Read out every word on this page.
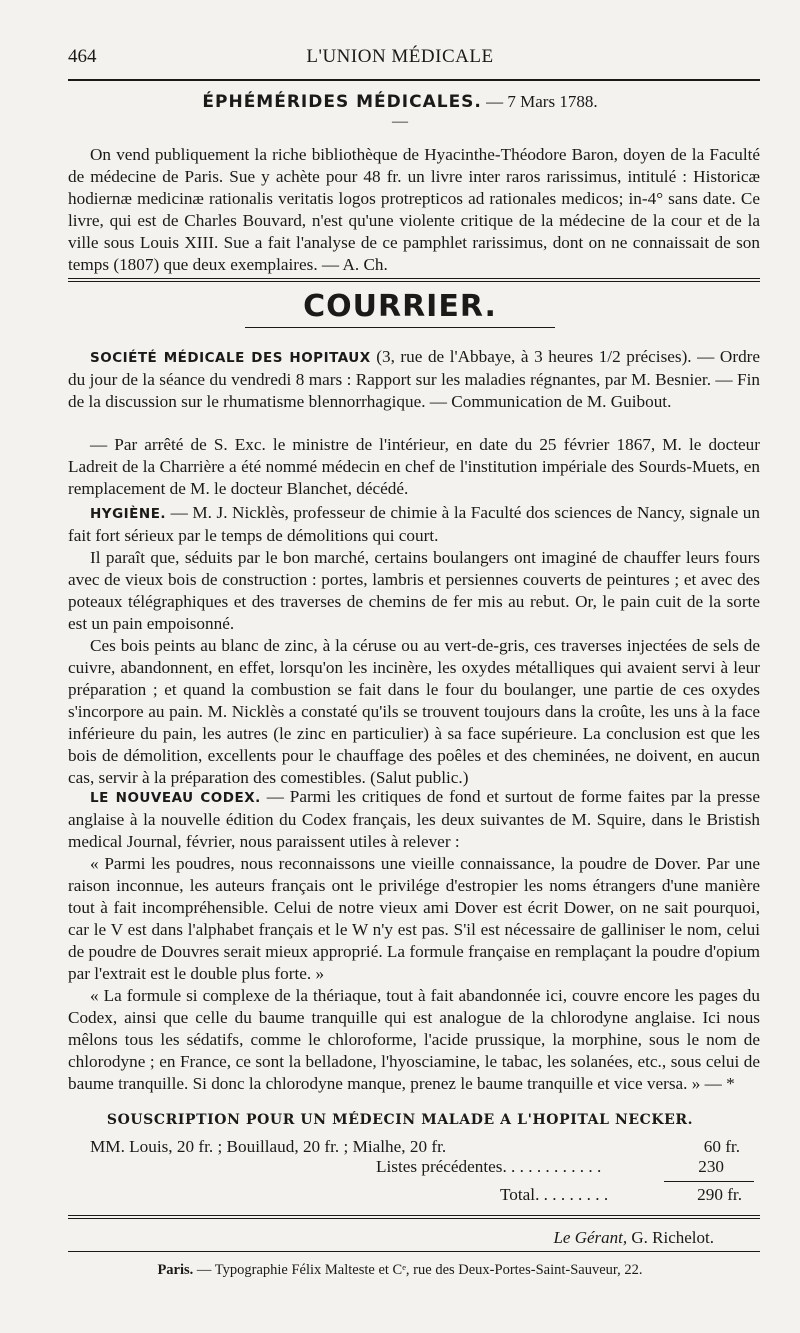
464	L'UNION MÉDICALE
ÉPHÉMÉRIDES MÉDICALES. — 7 Mars 1788.
—
On vend publiquement la riche bibliothèque de Hyacinthe-Théodore Baron, doyen de la Faculté de médecine de Paris. Sue y achète pour 48 fr. un livre inter raros rarissimus, intitulé : Historicæ hodiernæ medicinæ rationalis veritatis logos protrepticos ad rationales medicos; in-4° sans date. Ce livre, qui est de Charles Bouvard, n'est qu'une violente critique de la médecine de la cour et de la ville sous Louis XIII. Sue a fait l'analyse de ce pamphlet rarissimus, dont on ne connaissait de son temps (1807) que deux exemplaires. — A. Ch.
COURRIER.

SOCIÉTÉ MÉDICALE DES HOPITAUX (3, rue de l'Abbaye, à 3 heures 1/2 précises). — Ordre du jour de la séance du vendredi 8 mars : Rapport sur les maladies régnantes, par M. Besnier. — Fin de la discussion sur le rhumatisme blennorrhagique. — Communication de M. Guibout.

— Par arrêté de S. Exc. le ministre de l'intérieur, en date du 25 février 1867, M. le docteur Ladreit de la Charrière a été nommé médecin en chef de l'institution impériale des Sourds-Muets, en remplacement de M. le docteur Blanchet, décédé.

HYGIÈNE. — M. J. Nicklès, professeur de chimie à la Faculté dos sciences de Nancy, signale un fait fort sérieux par le temps de démolitions qui court.

Il paraît que, séduits par le bon marché, certains boulangers ont imaginé de chauffer leurs fours avec de vieux bois de construction : portes, lambris et persiennes couverts de peintures ; et avec des poteaux télégraphiques et des traverses de chemins de fer mis au rebut. Or, le pain cuit de la sorte est un pain empoisonné.

Ces bois peints au blanc de zinc, à la céruse ou au vert-de-gris, ces traverses injectées de sels de cuivre, abandonnent, en effet, lorsqu'on les incinère, les oxydes métalliques qui avaient servi à leur préparation ; et quand la combustion se fait dans le four du boulanger, une partie de ces oxydes s'incorpore au pain. M. Nicklès a constaté qu'ils se trouvent toujours dans la croûte, les uns à la face inférieure du pain, les autres (le zinc en particulier) à sa face supérieure. La conclusion est que les bois de démolition, excellents pour le chauffage des poêles et des cheminées, ne doivent, en aucun cas, servir à la préparation des comestibles. (Salut public.)

LE NOUVEAU CODEX. — Parmi les critiques de fond et surtout de forme faites par la presse anglaise à la nouvelle édition du Codex français, les deux suivantes de M. Squire, dans le Bristish medical Journal, février, nous paraissent utiles à relever :

« Parmi les poudres, nous reconnaissons une vieille connaissance, la poudre de Dover. Par une raison inconnue, les auteurs français ont le privilége d'estropier les noms étrangers d'une manière tout à fait incompréhensible. Celui de notre vieux ami Dover est écrit Dower, on ne sait pourquoi, car le V est dans l'alphabet français et le W n'y est pas. S'il est nécessaire de galliniser le nom, celui de poudre de Douvres serait mieux approprié. La formule française en remplaçant la poudre d'opium par l'extrait est le double plus forte. »

« La formule si complexe de la thériaque, tout à fait abandonnée ici, couvre encore les pages du Codex, ainsi que celle du baume tranquille qui est analogue de la chlorodyne anglaise. Ici nous mêlons tous les sédatifs, comme le chloroforme, l'acide prussique, la morphine, sous le nom de chlorodyne ; en France, ce sont la belladone, l'hyosciamine, le tabac, les solanées, etc., sous celui de baume tranquille. Si donc la chlorodyne manque, prenez le baume tranquille et vice versa. » — *

SOUSCRIPTION POUR UN MÉDECIN MALADE A L'HOPITAL NECKER.
MM. Louis, 20 fr. ; Bouillaud, 20 fr. ; Mialhe, 20 fr.	60 fr.
Listes précédentes. . . . . . . . . . . .	230
Total. . . . . . . . .	290 fr.
Le Gérant, G. Richelot.
Paris. — Typographie Félix Malteste et Cᵉ, rue des Deux-Portes-Saint-Sauveur, 22.
